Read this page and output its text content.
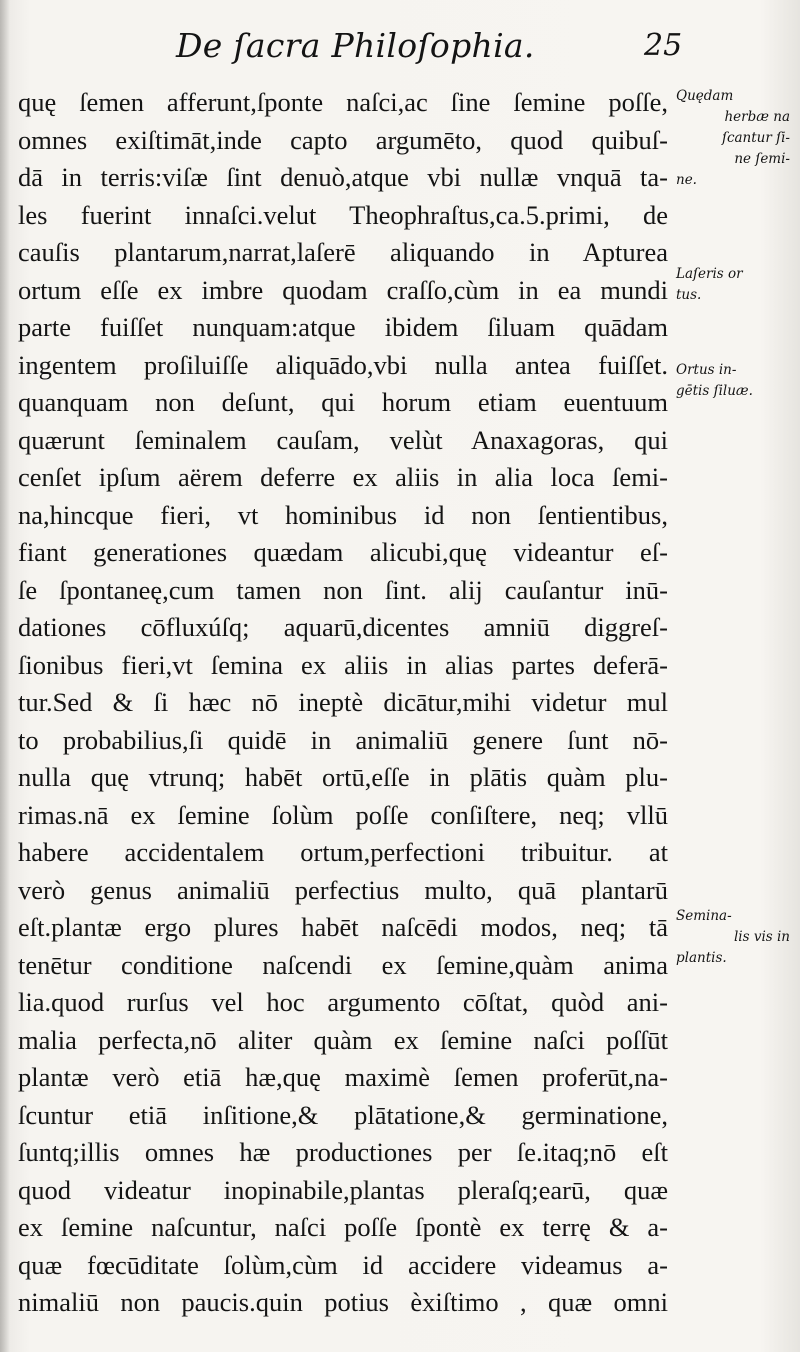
De ſacra Philoſophia.	25
quę ſemen afferunt,ſponte naſci,ac ſine ſemine poſſe,
omnes exiſtimāt,inde capto argumēto, quod quibuſ-
dā in terris:viſæ ſint denuò,atque vbi nullæ vnquā ta-
les fuerint innaſci.velut Theophraſtus,ca.5.primi, de
cauſis plantarum,narrat,laſerē aliquando in Apturea
ortum eſſe ex imbre quodam craſſo,cùm in ea mundi
parte fuiſſet nunquam:atque ibidem ſiluam quādam
ingentem proſiluiſſe aliquādo,vbi nulla antea fuiſſet.
quanquam non deſunt, qui horum etiam euentuum
quærunt ſeminalem cauſam, velùt Anaxagoras, qui
cenſet ipſum aërem deferre ex aliis in alia loca ſemi-
na,hincque fieri, vt hominibus id non ſentientibus,
fiant generationes quædam alicubi,quę videantur eſ-
ſe ſpontaneę,cum tamen non ſint. alij cauſantur inū-
dationes cōfluxúſq; aquarū,dicentes amniū diggreſ-
ſionibus fieri,vt ſemina ex aliis in alias partes deferā-
tur.Sed & ſi hæc nō ineptè dicātur,mihi videtur mul
to probabilius,ſi quidē in animaliū genere ſunt nō-
nulla quę vtrunq; habēt ortū,eſſe in plātis quàm plu-
rimas.nā ex ſemine ſolùm poſſe conſiſtere, neq; vllū
habere accidentalem ortum,perfectioni tribuitur. at
verò genus animaliū perfectius multo, quā plantarū
eſt.plantæ ergo plures habēt naſcēdi modos, neq; tā
tenētur conditione naſcendi ex ſemine,quàm anima
lia.quod rurſus vel hoc argumento cōſtat, quòd ani-
malia perfecta,nō aliter quàm ex ſemine naſci poſſūt
plantæ verò etiā hæ,quę maximè ſemen proferūt,na-
ſcuntur etiā inſitione,& plātatione,& germinatione,
ſuntq;illis omnes hæ productiones per ſe.itaq;nō eſt
quod videatur inopinabile,plantas pleraſq;earū, quæ
ex ſemine naſcuntur, naſci poſſe ſpontè ex terrę & a-
quæ fœcūditate ſolùm,cùm id accidere videamus a-
nimaliū non paucis.quin potius èxiſtimo , quæ omni
Quędam
herbæ na
ſcantur ſi-
ne ſemi-
ne.
Laſeris or
tus.
Ortus in-
gētis ſiluæ.
Semina-
lis vis in
plantis.
